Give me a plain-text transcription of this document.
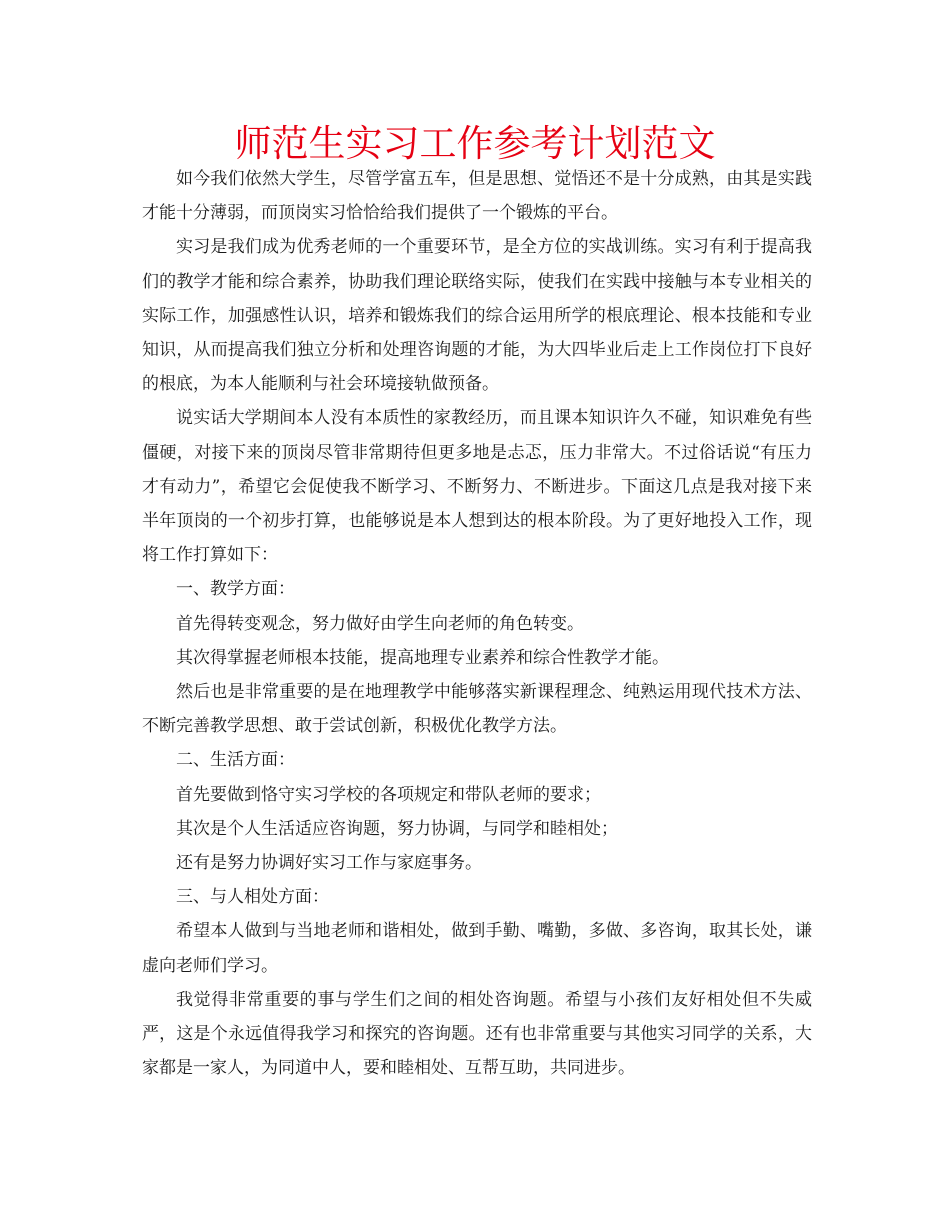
师范生实习工作参考计划范文

如今我们依然大学生，尽管学富五车，但是思想、觉悟还不是十分成熟，由其是实践才能十分薄弱，而顶岗实习恰恰给我们提供了一个锻炼的平台。

实习是我们成为优秀老师的一个重要环节，是全方位的实战训练。实习有利于提高我们的教学才能和综合素养，协助我们理论联络实际，使我们在实践中接触与本专业相关的实际工作，加强感性认识，培养和锻炼我们的综合运用所学的根底理论、根本技能和专业知识，从而提高我们独立分析和处理咨询题的才能，为大四毕业后走上工作岗位打下良好的根底，为本人能顺利与社会环境接轨做预备。

说实话大学期间本人没有本质性的家教经历，而且课本知识许久不碰，知识难免有些僵硬，对接下来的顶岗尽管非常期待但更多地是忐忑，压力非常大。不过俗话说“有压力才有动力”，希望它会促使我不断学习、不断努力、不断进步。下面这几点是我对接下来半年顶岗的一个初步打算，也能够说是本人想到达的根本阶段。为了更好地投入工作，现将工作打算如下：

一、教学方面：

首先得转变观念，努力做好由学生向老师的角色转变。

其次得掌握老师根本技能，提高地理专业素养和综合性教学才能。

然后也是非常重要的是在地理教学中能够落实新课程理念、纯熟运用现代技术方法、不断完善教学思想、敢于尝试创新，积极优化教学方法。

二、生活方面：

首先要做到恪守实习学校的各项规定和带队老师的要求；

其次是个人生活适应咨询题，努力协调，与同学和睦相处；

还有是努力协调好实习工作与家庭事务。

三、与人相处方面：

希望本人做到与当地老师和谐相处，做到手勤、嘴勤，多做、多咨询，取其长处，谦虚向老师们学习。

我觉得非常重要的事与学生们之间的相处咨询题。希望与小孩们友好相处但不失威严，这是个永远值得我学习和探究的咨询题。还有也非常重要与其他实习同学的关系，大家都是一家人，为同道中人，要和睦相处、互帮互助，共同进步。
